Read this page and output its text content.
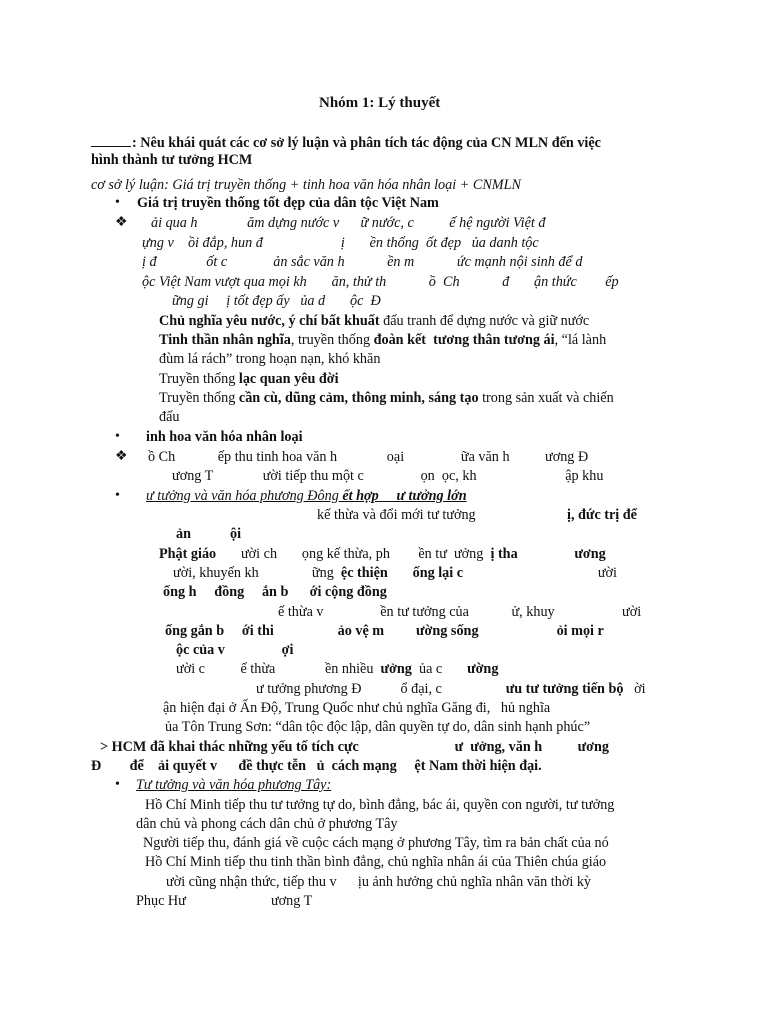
Nhóm 1: Lý thuyết
: Nêu khái quát các cơ sở lý luận và phân tích tác động của CN MLN đến việc
hình thành tư tưởng HCM
cơ sở lý luận: Giá trị truyền thống + tinh hoa văn hóa nhân loại + CNMLN
• Giá trị truyền thống tốt đẹp của dân tộc Việt Nam
❖ ải qua h              ăm dựng nước v      ữ nước, c          ế hệ người Việt đ
ựng v    ồi đắp, hun đ                      ị       ền thống  ốt đẹp   ủa danh tộc
ị đ              ốt c             ản sắc văn h            ền m            ức mạnh nội sinh để d
ộc Việt Nam vượt qua mọi kh       ăn, thử th            ồ  Ch            đ       ận thức        ếp
ững gi     ị tốt đẹp ấy   ủa d       ộc  Đ
Chủ nghĩa yêu nước, ý chí bất khuất đấu tranh để dựng nước và giữ nước
Tinh thần nhân nghĩa, truyền thống đoàn kết  tương thân tương ái, “lá lành
đùm lá rách” trong hoạn nạn, khó khăn
Truyền thống lạc quan yêu đời
Truyền thống cần cù, dũng cảm, thông minh, sáng tạo trong sản xuất và chiến
đấu
• inh hoa văn hóa nhân loại
❖ ồ Ch            ếp thu tinh hoa văn h              oại                ữa văn h          ương Đ
ương T              ười tiếp thu một c                ọn  ọc, kh                         ập khu
• ư tưởng và văn hóa phương Đông ết hợp ư tưởng lớn
kế thừa và đổi mới tư tưởng	ị, đức trị để
ản           ội
Phật giáo       ười ch       ọng kế thừa, ph        ền tư  ưởng  ị tha                ương
ười, khuyến kh               ững  ệc thiện       ống lại c                                      ười
ống h     đồng     ắn b      ới cộng đồng
ế thừa v                ền tư tưởng của            ử, khuy                   ười
ống gắn b     ới thi                  ảo vệ m         ường sống                      ỏi mọi r
ộc của v                ợi
ười c          ế thừa              ền nhiều  ưởng  ủa c       ường
ư tưởng phương Đ           ổ đại, c                  ưu tư tưởng tiến bộ   ời
ận hiện đại ở Ấn Độ, Trung Quốc như chủ nghĩa Găng đi,   hủ nghĩa
ủa Tôn Trung Sơn: “dân tộc độc lập, dân quyền tự do, dân sinh hạnh phúc”
> HCM đã khai thác những yếu tố tích cực                           ư  ưởng, văn h          ương
Đ        để    ải quyết v      đề thực tễn   ủ  cách mạng     ệt Nam thời hiện đại.
• Tư tưởng và văn hóa phương Tây:
Hồ Chí Minh tiếp thu tư tưởng tự do, bình đẳng, bác ái, quyền con người, tư tưởng
dân chủ và phong cách dân chủ ở phương Tây
Người tiếp thu, đánh giá về cuộc cách mạng ở phương Tây, tìm ra bản chất của nó
Hồ Chí Minh tiếp thu tinh thần bình đẳng, chủ nghĩa nhân ái của Thiên chúa giáo
ười cũng nhận thức, tiếp thu v      ịu ảnh hưởng chủ nghĩa nhân văn thời kỳ
Phục Hư                        ương T
